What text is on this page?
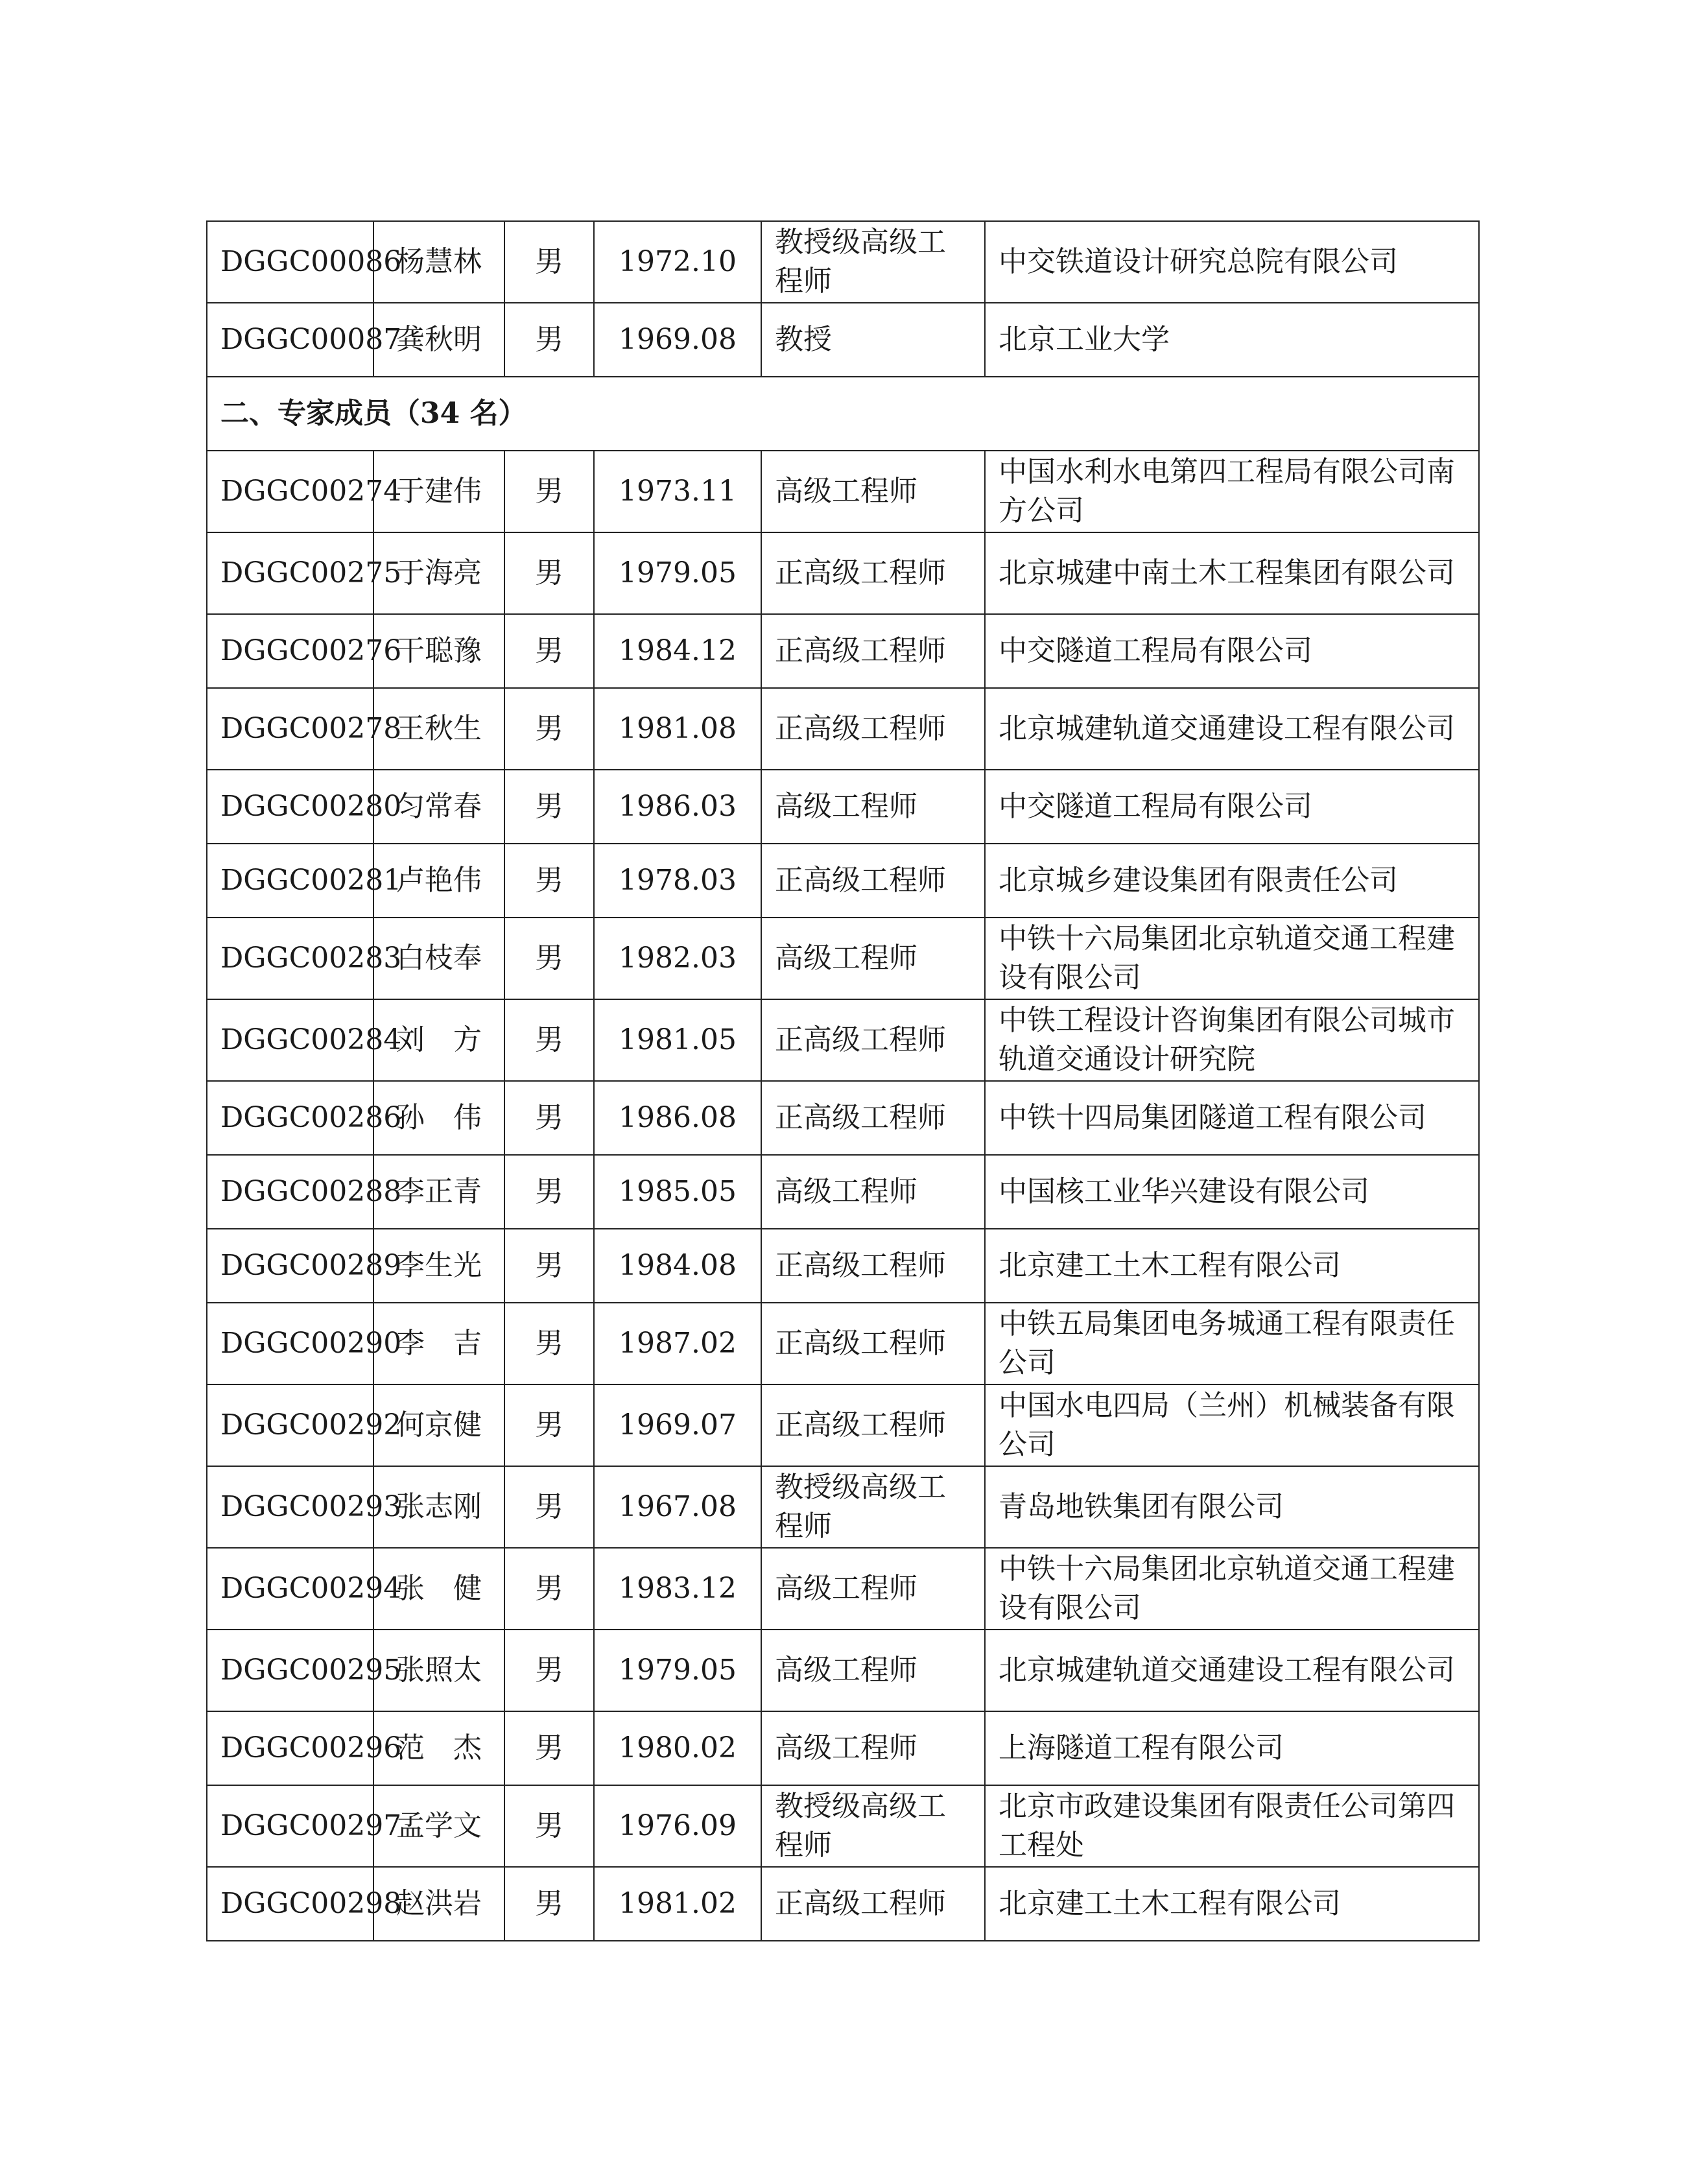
DGGC00086	杨慧林	男	1972.10	教授级高级工程师	中交铁道设计研究总院有限公司
DGGC00087	龚秋明	男	1969.08	教授	北京工业大学
二、专家成员（34 名）					
DGGC00274	于建伟	男	1973.11	高级工程师	中国水利水电第四工程局有限公司南方公司
DGGC00275	于海亮	男	1979.05	正高级工程师	北京城建中南土木工程集团有限公司
DGGC00276	干聪豫	男	1984.12	正高级工程师	中交隧道工程局有限公司
DGGC00278	王秋生	男	1981.08	正高级工程师	北京城建轨道交通建设工程有限公司
DGGC00280	匀常春	男	1986.03	高级工程师	中交隧道工程局有限公司
DGGC00281	卢艳伟	男	1978.03	正高级工程师	北京城乡建设集团有限责任公司
DGGC00283	白枝奉	男	1982.03	高级工程师	中铁十六局集团北京轨道交通工程建设有限公司
DGGC00284	刘　方	男	1981.05	正高级工程师	中铁工程设计咨询集团有限公司城市轨道交通设计研究院
DGGC00286	孙　伟	男	1986.08	正高级工程师	中铁十四局集团隧道工程有限公司
DGGC00288	李正青	男	1985.05	高级工程师	中国核工业华兴建设有限公司
DGGC00289	李生光	男	1984.08	正高级工程师	北京建工土木工程有限公司
DGGC00290	李　吉	男	1987.02	正高级工程师	中铁五局集团电务城通工程有限责任公司
DGGC00292	何京健	男	1969.07	正高级工程师	中国水电四局（兰州）机械装备有限公司
DGGC00293	张志刚	男	1967.08	教授级高级工程师	青岛地铁集团有限公司
DGGC00294	张　健	男	1983.12	高级工程师	中铁十六局集团北京轨道交通工程建设有限公司
DGGC00295	张照太	男	1979.05	高级工程师	北京城建轨道交通建设工程有限公司
DGGC00296	范　杰	男	1980.02	高级工程师	上海隧道工程有限公司
DGGC00297	孟学文	男	1976.09	教授级高级工程师	北京市政建设集团有限责任公司第四工程处
DGGC00298	赵洪岩	男	1981.02	正高级工程师	北京建工土木工程有限公司
